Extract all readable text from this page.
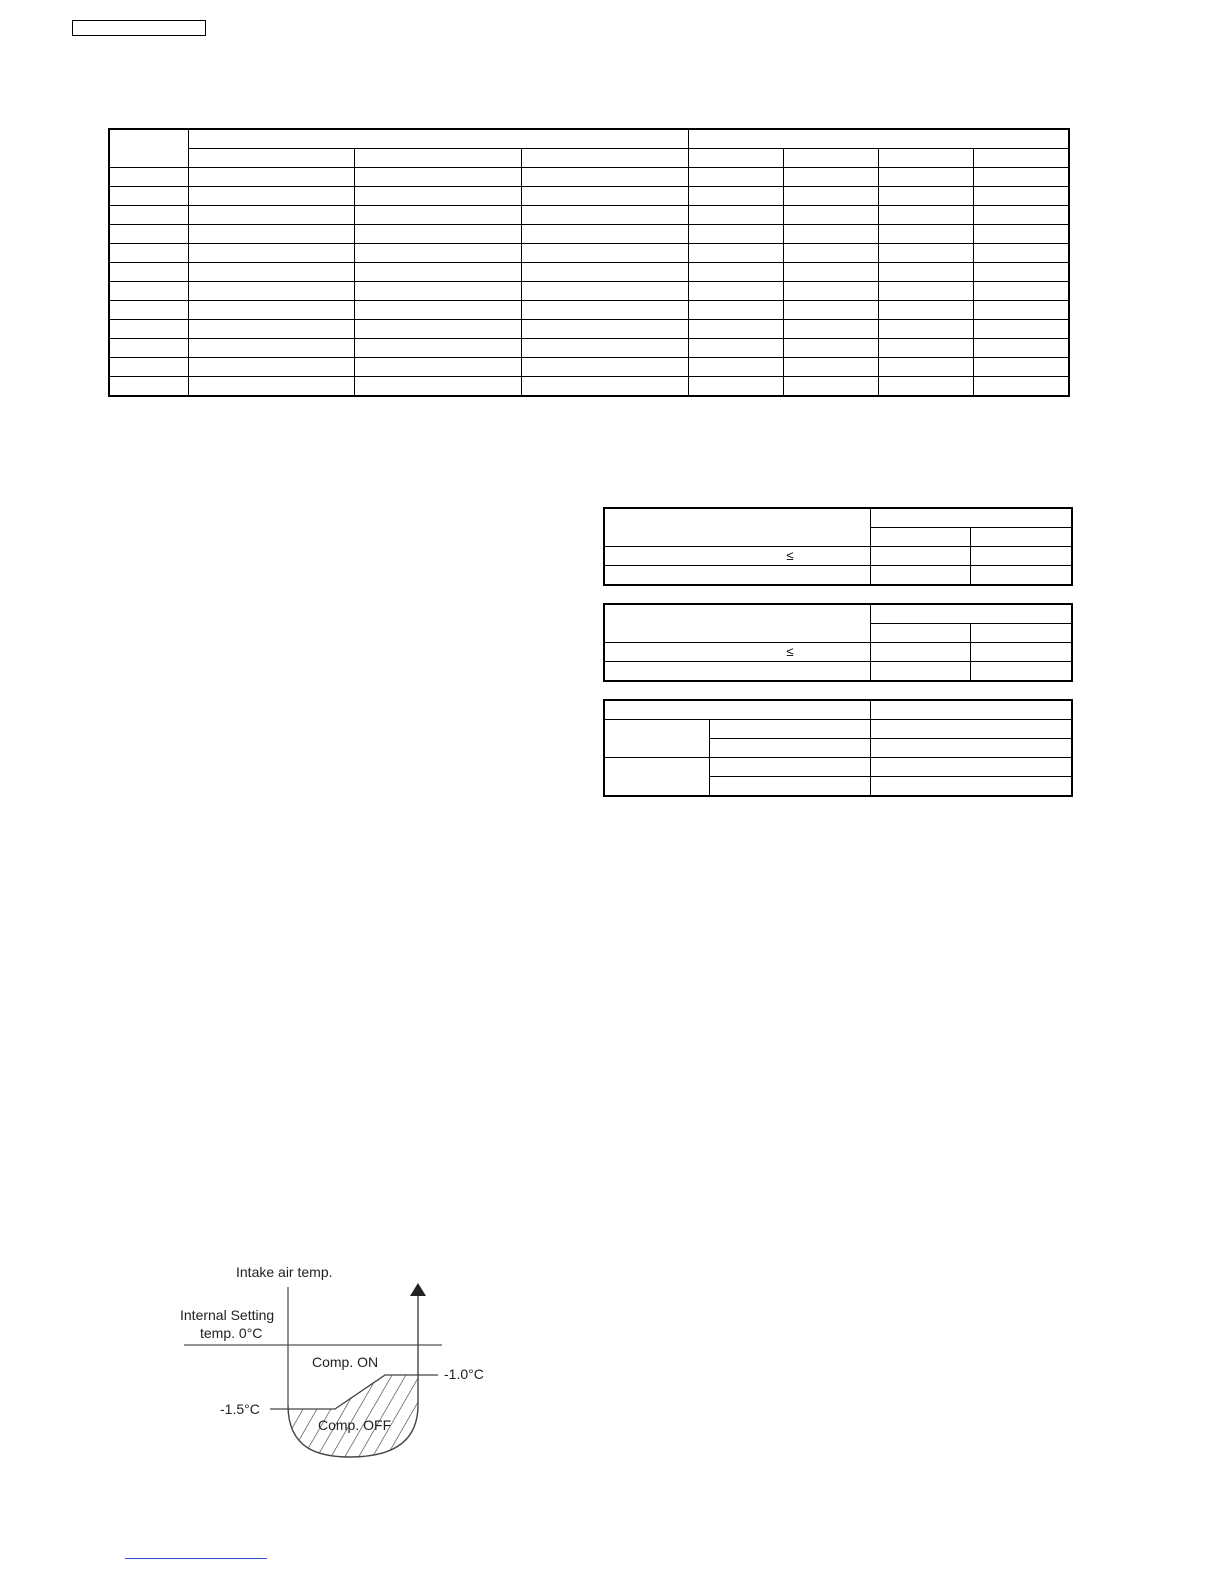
≤		

≤		

Intake air temp.
Internal Setting
temp. 0°C
Comp. ON
Comp. OFF
-1.0°C
-1.5°C
